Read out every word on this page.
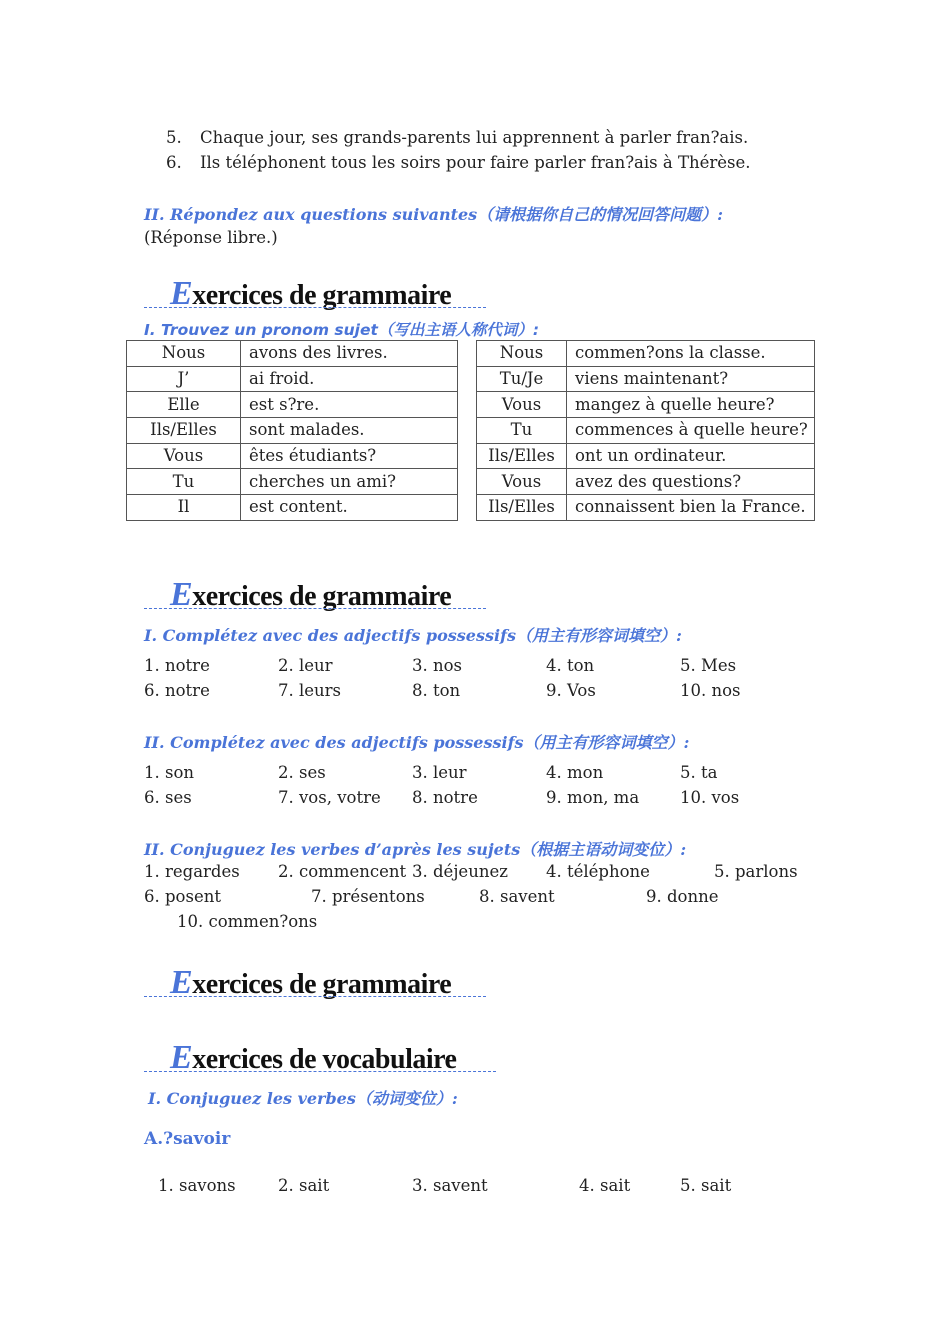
5. Chaque jour, ses grands-parents lui apprennent à parler fran?ais.
6. Ils téléphonent tous les soirs pour faire parler fran?ais à Thérèse.
II. Répondez aux questions suivantes（请根据你自己的情况回答问题）:
(Réponse libre.)
Exercices de grammaire
I. Trouvez un pronom sujet（写出主语人称代词）:
Nous	avons des livres.
J’	ai froid.
Elle	est s?re.
Ils/Elles	sont malades.
Vous	êtes étudiants?
Tu	cherches un ami?
Il	est content.
Nous	commen?ons la classe.
Tu/Je	viens maintenant?
Vous	mangez à quelle heure?
Tu	commences à quelle heure?
Ils/Elles	ont un ordinateur.
Vous	avez des questions?
Ils/Elles	connaissent bien la France.
Exercices de grammaire
I. Complétez avec des adjectifs possessifs（用主有形容词填空）:
1. notre	2. leur	3. nos	4. ton	5. Mes
6. notre	7. leurs	8. ton	9. Vos	10. nos
II. Complétez avec des adjectifs possessifs（用主有形容词填空）:
1. son	2. ses	3. leur	4. mon	5. ta
6. ses	7. vos, votre 8. notre	9. mon, ma 10. vos
II. Conjuguez les verbes d’après les sujets（根据主语动词变位）:
1. regardes 2. commencent 3. déjeunez 4. téléphone	5. parlons
6. posent	7. présentons	8. savent	9. donne
10. commen?ons
Exercices de grammaire
Exercices de vocabulaire
I. Conjuguez les verbes（动词变位）:
A.?savoir
1. savons	2. sait	3. savent	4. sait	5. sait
